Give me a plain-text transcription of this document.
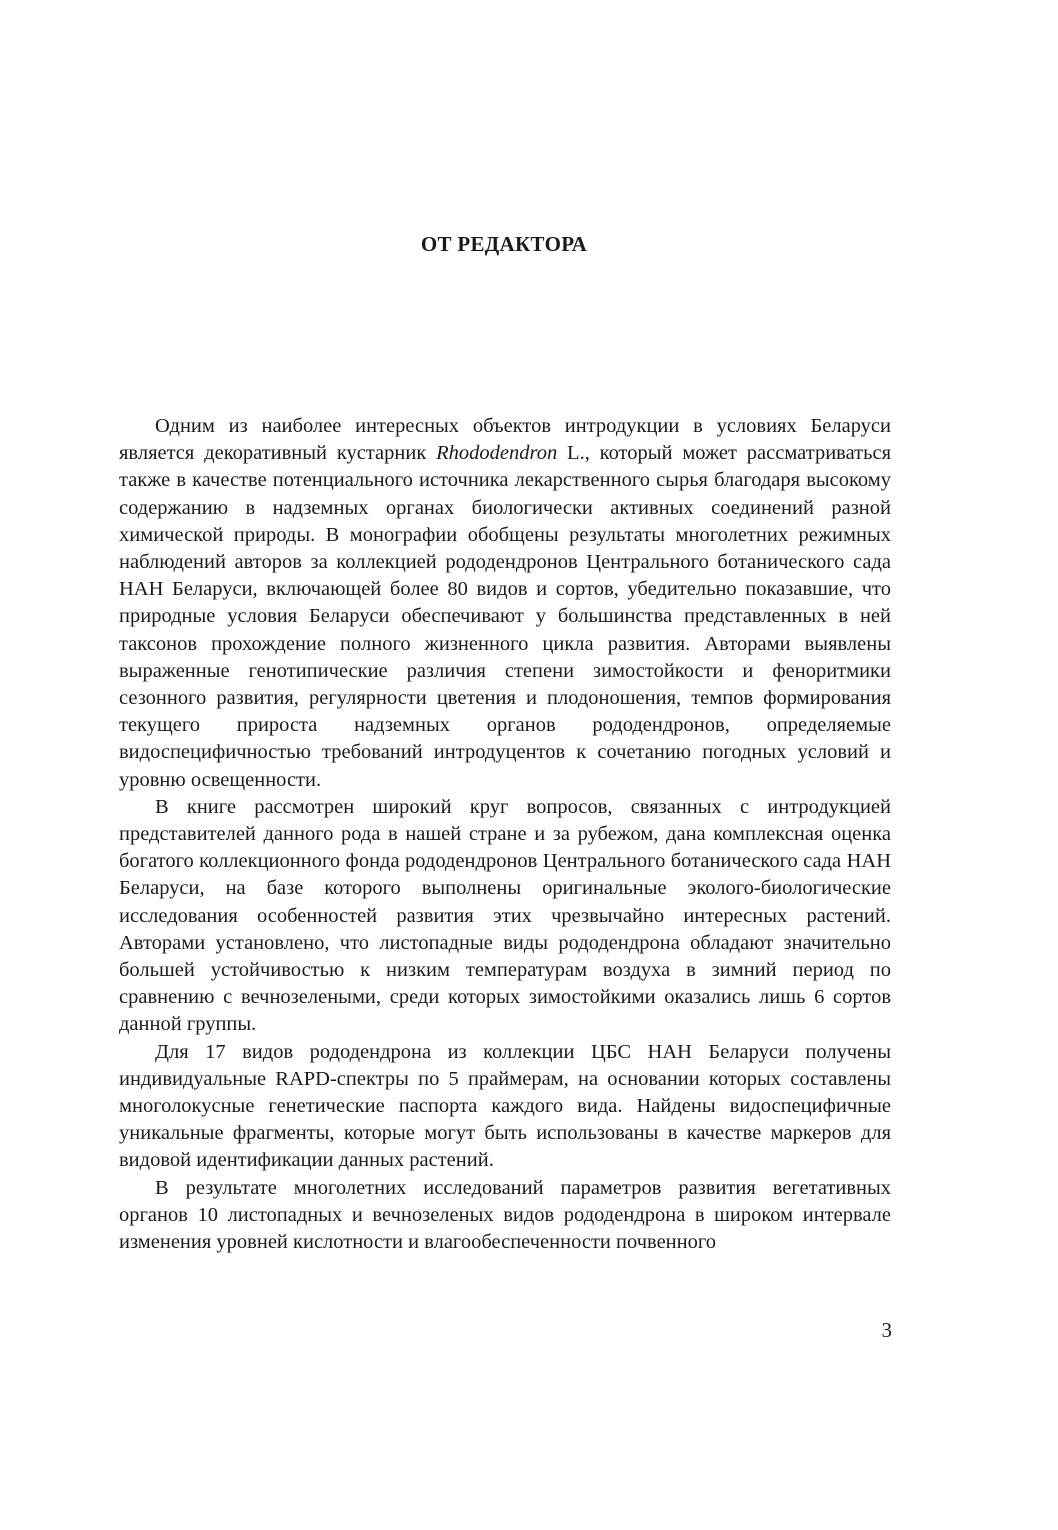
ОТ РЕДАКТОРА

Одним из наиболее интересных объектов интродукции в условиях Беларуси является декоративный кустарник Rhododendron L., который может рассматриваться также в качестве потенциального источника лекарственного сырья благодаря высокому содержанию в надземных органах биологически активных соединений разной химической природы. В монографии обобщены результаты многолетних режимных наблюдений авторов за коллекцией рододендронов Центрального ботанического сада НАН Беларуси, включающей более 80 видов и сортов, убедительно показавшие, что природные условия Беларуси обеспечивают у большинства представленных в ней таксонов прохождение полного жизненного цикла развития. Авторами выявлены выраженные генотипические различия степени зимостойкости и феноритмики сезонного развития, регулярности цветения и плодоношения, темпов формирования текущего прироста надземных органов рододендронов, определяемые видоспецифичностью требований интродуцентов к сочетанию погодных условий и уровню освещенности.

В книге рассмотрен широкий круг вопросов, связанных с интродукцией представителей данного рода в нашей стране и за рубежом, дана комплексная оценка богатого коллекционного фонда рододендронов Центрального ботанического сада НАН Беларуси, на базе которого выполнены оригинальные эколого-биологические исследования особенностей развития этих чрезвычайно интересных растений. Авторами установлено, что листопадные виды рододендрона обладают значительно большей устойчивостью к низким температурам воздуха в зимний период по сравнению с вечнозелеными, среди которых зимостойкими оказались лишь 6 сортов данной группы.

Для 17 видов рододендрона из коллекции ЦБС НАН Беларуси получены индивидуальные RAPD-спектры по 5 праймерам, на основании которых составлены многолокусные генетические паспорта каждого вида. Найдены видоспецифичные уникальные фрагменты, которые могут быть использованы в качестве маркеров для видовой идентификации данных растений.

В результате многолетних исследований параметров развития вегетативных органов 10 листопадных и вечнозеленых видов рододендрона в широком интервале изменения уровней кислотности и влагообеспеченности почвенного

3
